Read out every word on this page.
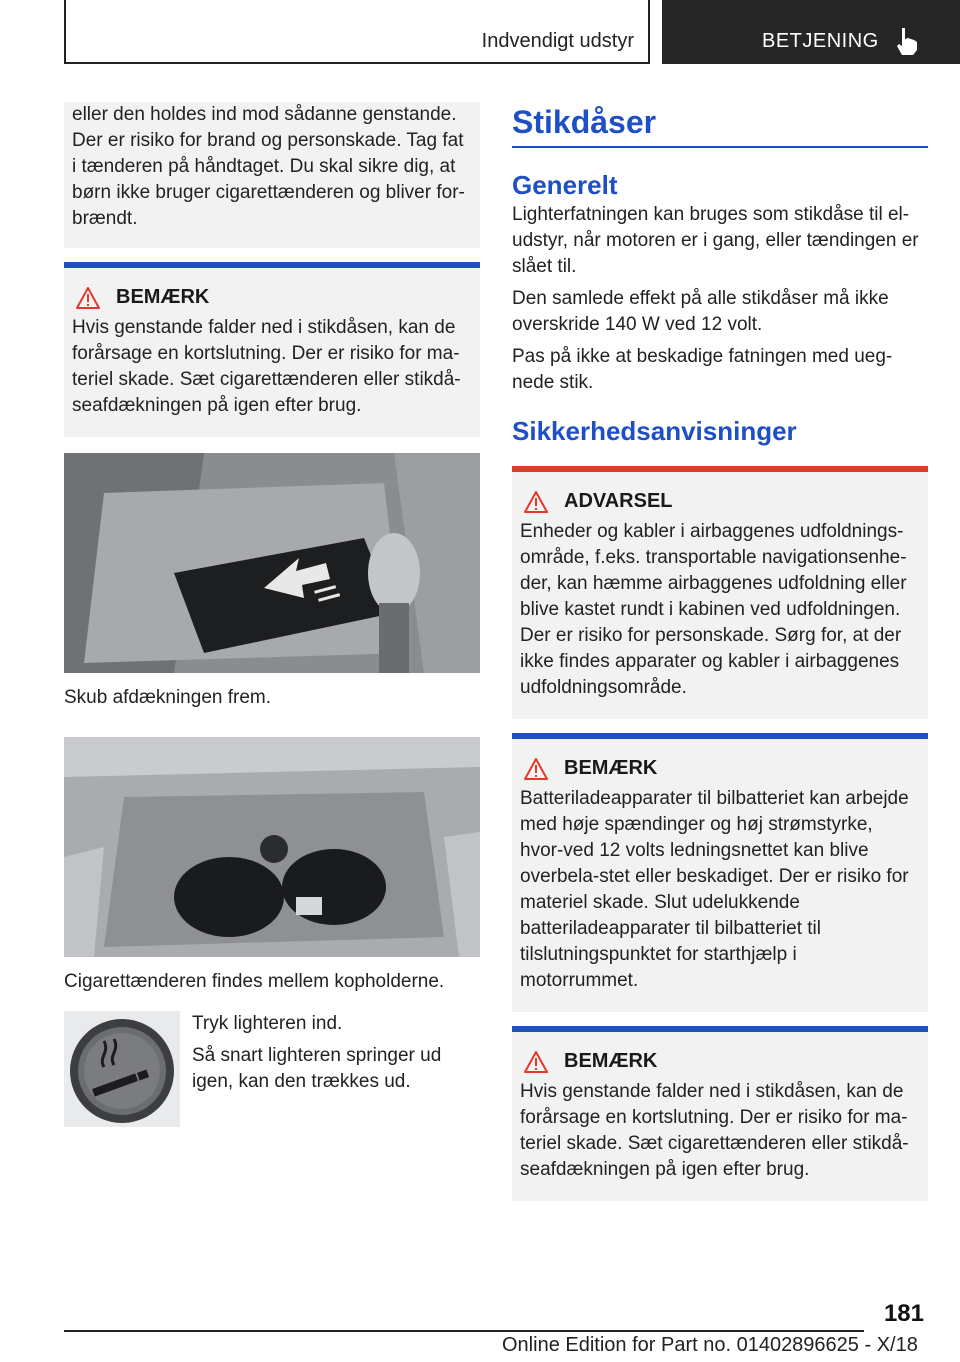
Indvendigt udstyr	BETJENING

eller den holdes ind mod sådanne genstande. Der er risiko for brand og personskade. Tag fat i tænderen på håndtaget. Du skal sikre dig, at børn ikke bruger cigarettænderen og bliver for-brændt.

BEMÆRK

Hvis genstande falder ned i stikdåsen, kan de forårsage en kortslutning. Der er risiko for ma-teriel skade. Sæt cigarettænderen eller stikdå-seafdækningen på igen efter brug.

Skub afdækningen frem.

Cigarettænderen findes mellem kopholderne.

Tryk lighteren ind.

Så snart lighteren springer ud igen, kan den trækkes ud.

Stikdåser
Generelt

Lighterfatningen kan bruges som stikdåse til el-udstyr, når motoren er i gang, eller tændingen er slået til.

Den samlede effekt på alle stikdåser må ikke overskride 140 W ved 12 volt.

Pas på ikke at beskadige fatningen med ueg-nede stik.

Sikkerhedsanvisninger
ADVARSEL

Enheder og kabler i airbaggenes udfoldnings-område, f.eks. transportable navigationsenhe-der, kan hæmme airbaggenes udfoldning eller blive kastet rundt i kabinen ved udfoldningen. Der er risiko for personskade. Sørg for, at der ikke findes apparater og kabler i airbaggenes udfoldningsområde.

BEMÆRK

Batteriladeapparater til bilbatteriet kan arbejde med høje spændinger og høj strømstyrke, hvor-ved 12 volts ledningsnettet kan blive overbela-stet eller beskadiget. Der er risiko for materiel skade. Slut udelukkende batteriladeapparater til bilbatteriet til tilslutningspunktet for starthjælp i motorrummet.

BEMÆRK

Hvis genstande falder ned i stikdåsen, kan de forårsage en kortslutning. Der er risiko for ma-teriel skade. Sæt cigarettænderen eller stikdå-seafdækningen på igen efter brug.

181
Online Edition for Part no. 01402896625 - X/18
